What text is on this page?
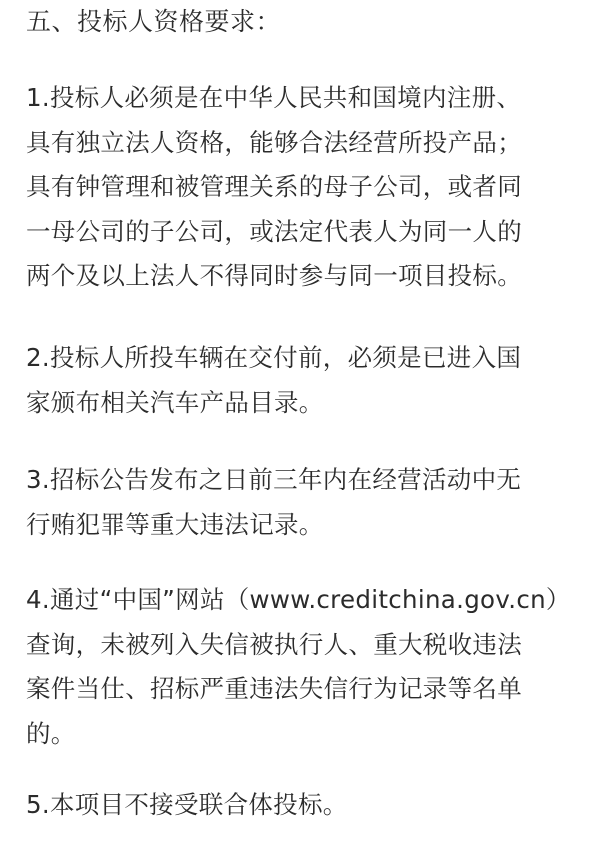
五、投标人资格要求：
1.投标人必须是在中华人民共和国境内注册、
具有独立法人资格，能够合法经营所投产品；
具有钟管理和被管理关系的母子公司，或者同
一母公司的子公司，或法定代表人为同一人的
两个及以上法人不得同时参与同一项目投标。
2.投标人所投车辆在交付前，必须是已进入国
家颁布相关汽车产品目录。
3.招标公告发布之日前三年内在经营活动中无
行贿犯罪等重大违法记录。
4.通过“中国”网站（www.creditchina.gov.cn）
查询，未被列入失信被执行人、重大税收违法
案件当仕、招标严重违法失信行为记录等名单
的。
5.本项目不接受联合体投标。
